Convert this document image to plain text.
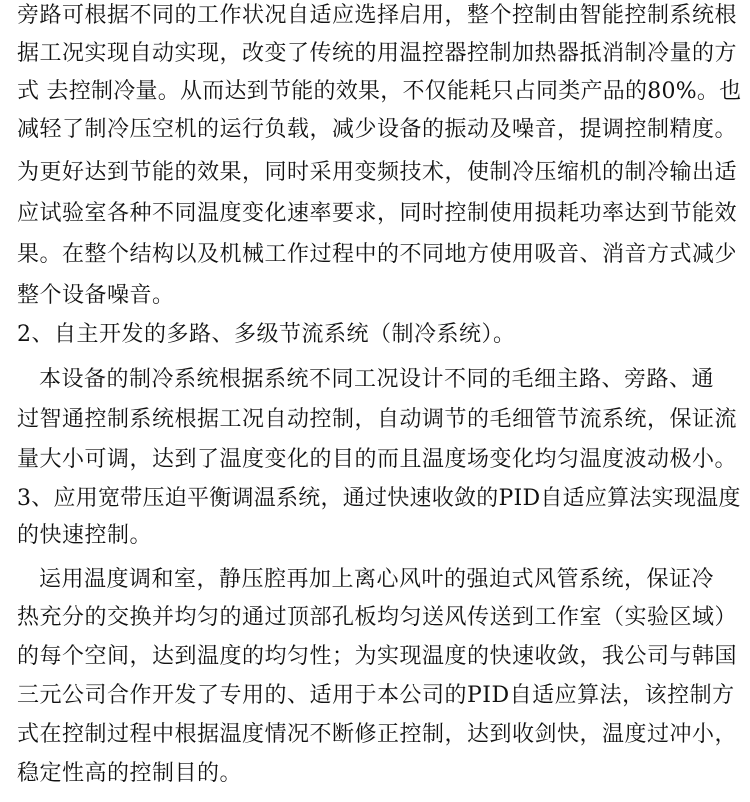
旁路可根据不同的工作状况自适应选择启用，整个控制由智能控制系统根
据工况实现自动实现，改变了传统的用温控器控制加热器抵消制冷量的方
式 去控制冷量。从而达到节能的效果，不仅能耗只占同类产品的80%。也
减轻了制冷压空机的运行负载，减少设备的振动及噪音，提调控制精度。
为更好达到节能的效果，同时采用变频技术，使制冷压缩机的制冷输出适
应试验室各种不同温度变化速率要求，同时控制使用损耗功率达到节能效
果。在整个结构以及机械工作过程中的不同地方使用吸音、消音方式减少
整个设备噪音。
2、自主开发的多路、多级节流系统（制冷系统）。
本设备的制冷系统根据系统不同工况设计不同的毛细主路、旁路、通
过智通控制系统根据工况自动控制，自动调节的毛细管节流系统，保证流
量大小可调，达到了温度变化的目的而且温度场变化均匀温度波动极小。
3、应用宽带压迫平衡调温系统，通过快速收敛的PID自适应算法实现温度
的快速控制。
运用温度调和室，静压腔再加上离心风叶的强迫式风管系统，保证冷
热充分的交换并均匀的通过顶部孔板均匀送风传送到工作室（实验区域）
的每个空间，达到温度的均匀性；为实现温度的快速收敛，我公司与韩国
三元公司合作开发了专用的、适用于本公司的PID自适应算法，该控制方
式在控制过程中根据温度情况不断修正控制，达到收剑快，温度过冲小，
稳定性高的控制目的。
